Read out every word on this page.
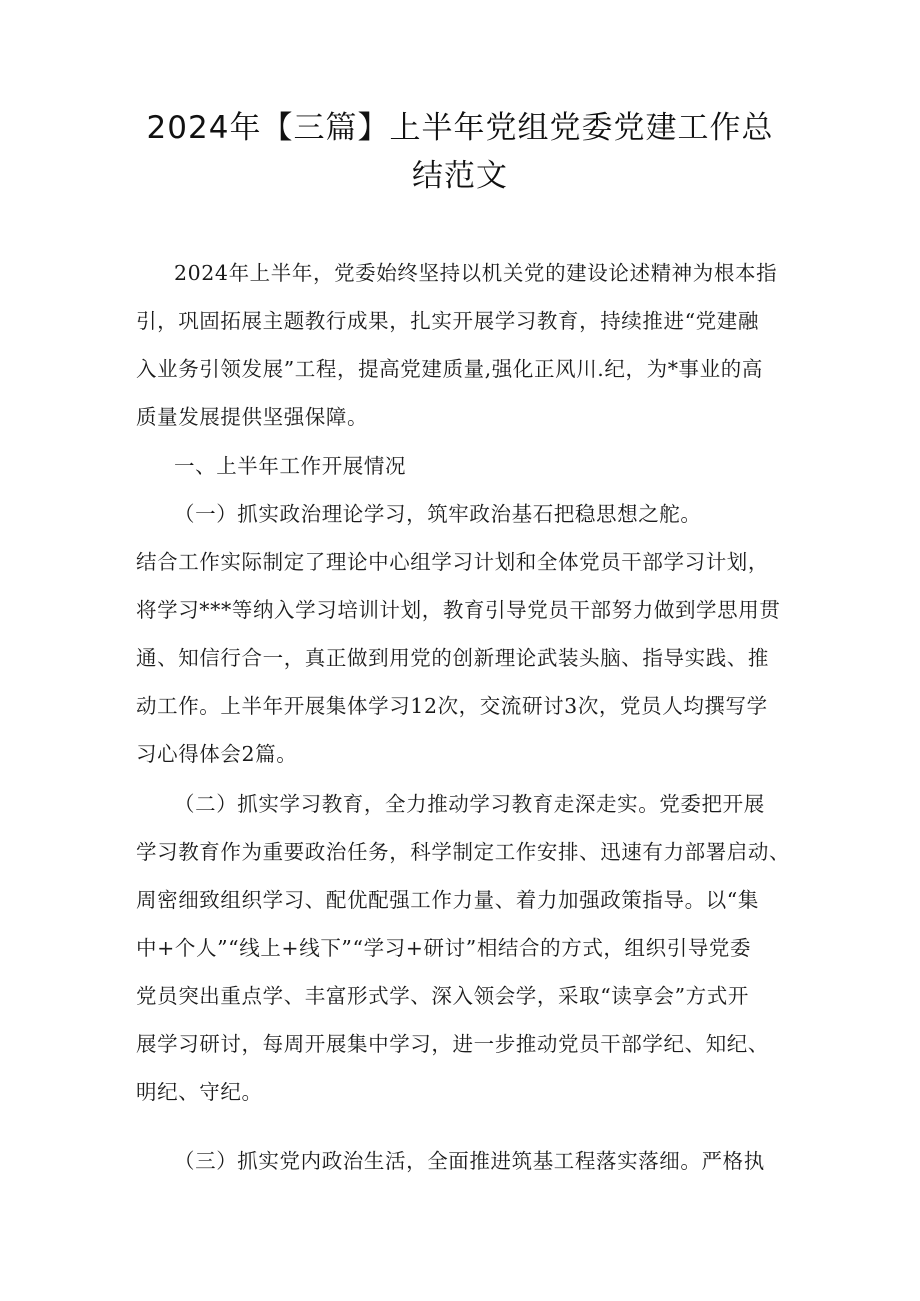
2024年【三篇】上半年党组党委党建工作总
结范文

2024年上半年，党委始终坚持以机关党的建设论述精神为根本指

引，巩固拓展主题教行成果，扎实开展学习教育，持续推进“党建融

入业务引领发展”工程，提高党建质量,强化正风川.纪，为*事业的高

质量发展提供坚强保障。

一、上半年工作开展情况

（一）抓实政治理论学习，筑牢政治基石把稳思想之舵。

结合工作实际制定了理论中心组学习计划和全体党员干部学习计划，

将学习***等纳入学习培训计划，教育引导党员干部努力做到学思用贯

通、知信行合一，真正做到用党的创新理论武装头脑、指导实践、推

动工作。上半年开展集体学习12次，交流研讨3次，党员人均撰写学

习心得体会2篇。

（二）抓实学习教育，全力推动学习教育走深走实。党委把开展

学习教育作为重要政治任务，科学制定工作安排、迅速有力部署启动、

周密细致组织学习、配优配强工作力量、着力加强政策指导。以“集

中+个人”“线上+线下”“学习+研讨”相结合的方式，组织引导党委

党员突出重点学、丰富形式学、深入领会学，采取“读享会”方式开

展学习研讨，每周开展集中学习，进一步推动党员干部学纪、知纪、

明纪、守纪。

（三）抓实党内政治生活，全面推进筑基工程落实落细。严格执
